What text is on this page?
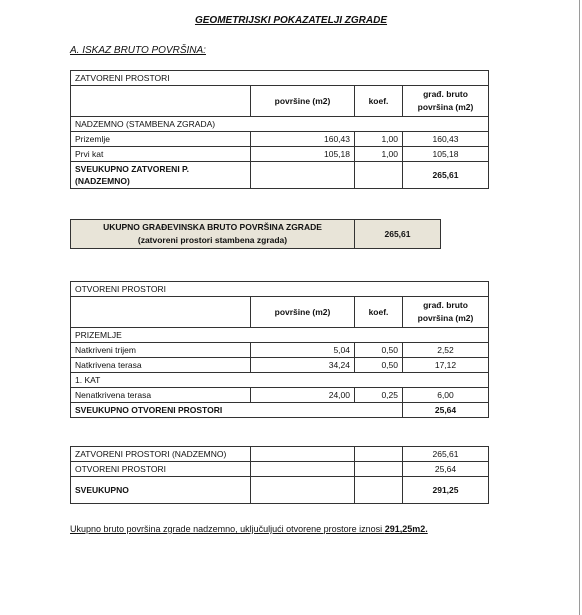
GEOMETRIJSKI POKAZATELJI ZGRADE
A. ISKAZ BRUTO POVRŠINA:
ZATVORENI PROSTORI			
	površine (m2)	koef.	građ. bruto površina (m2)
NADZEMNO (STAMBENA ZGRADA)			
Prizemlje	160,43	1,00	160,43
Prvi kat	105,18	1,00	105,18
SVEUKUPNO ZATVORENI P. (NADZEMNO)			265,61
UKUPNO GRAĐEVINSKA BRUTO POVRŠINA ZGRADE
(zatvoreni prostori stambena zgrada)	265,61
OTVORENI PROSTORI			
	površine (m2)	koef.	građ. bruto površina (m2)
PRIZEMLJE			
Natkriveni trijem	5,04	0,50	2,52
Natkrivena terasa	34,24	0,50	17,12
1. KAT			
Nenatkrivena terasa	24,00	0,25	6,00
SVEUKUPNO OTVORENI PROSTORI			25,64
ZATVORENI PROSTORI (NADZEMNO)			265,61
OTVORENI PROSTORI			25,64
SVEUKUPNO			291,25
Ukupno bruto površina zgrade nadzemno, uključuljući otvorene prostore iznosi 291,25m2.
